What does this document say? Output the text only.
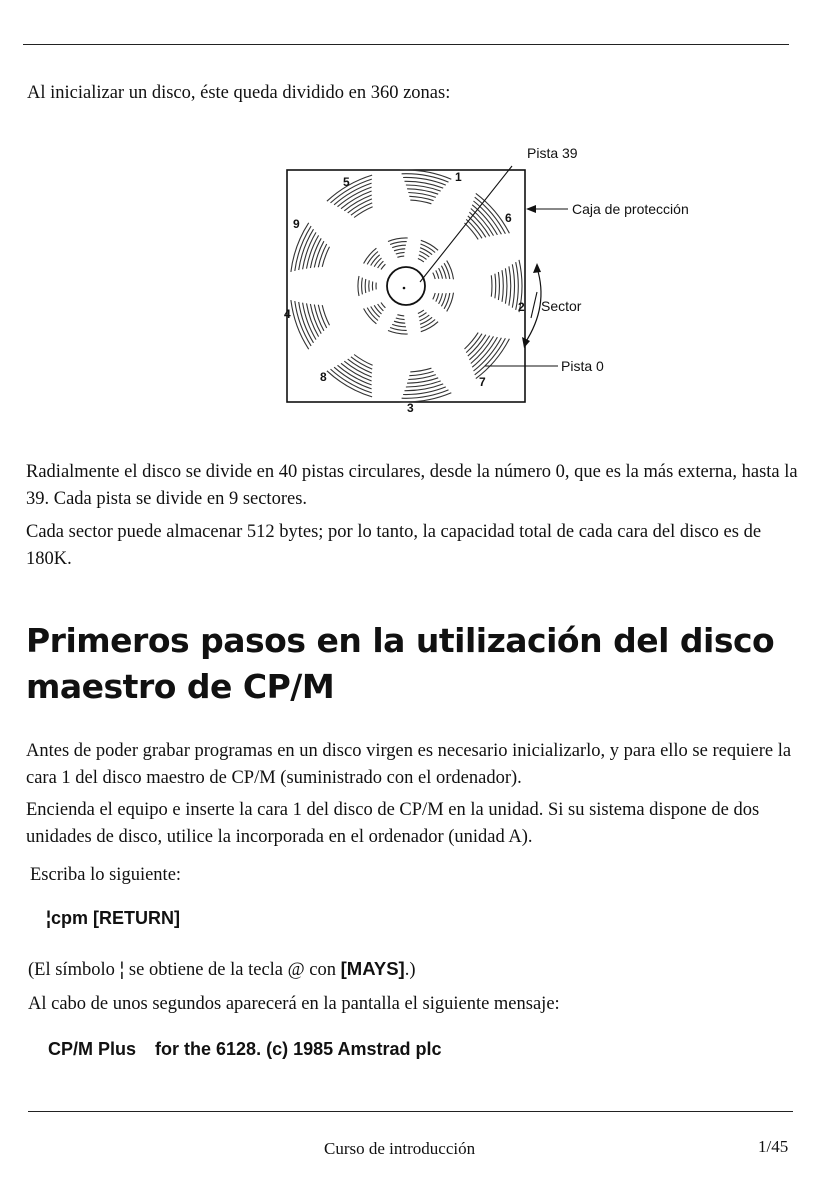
Al inicializar un disco, éste queda dividido en 360 zonas:

Pista 39
Caja de protección
Sector
Pista 0
1
2
3
4
5
6
7
8
9

Radialmente el disco se divide en 40 pistas circulares, desde la número 0, que es la más externa, hasta la 39. Cada pista se divide en 9 sectores.

Cada sector puede almacenar 512 bytes; por lo tanto, la capacidad total de cada cara del disco es de 180K.

Primeros pasos en la utilización del disco maestro de CP/M

Antes de poder grabar programas en un disco virgen es necesario inicializarlo, y para ello se requiere la cara 1 del disco maestro de CP/M (suministrado con el ordenador).

Encienda el equipo e inserte la cara 1 del disco de CP/M en la unidad. Si su sistema dispone de dos unidades de disco, utilice la incorporada en el ordenador (unidad A).

Escriba lo siguiente:

¦cpm [RETURN]

(El símbolo ¦ se obtiene de la tecla @ con [MAYS].)

Al cabo de unos segundos aparecerá en la pantalla el siguiente mensaje:

CP/M Plus for the 6128. (c) 1985 Amstrad plc
Curso de introducción	1/45
